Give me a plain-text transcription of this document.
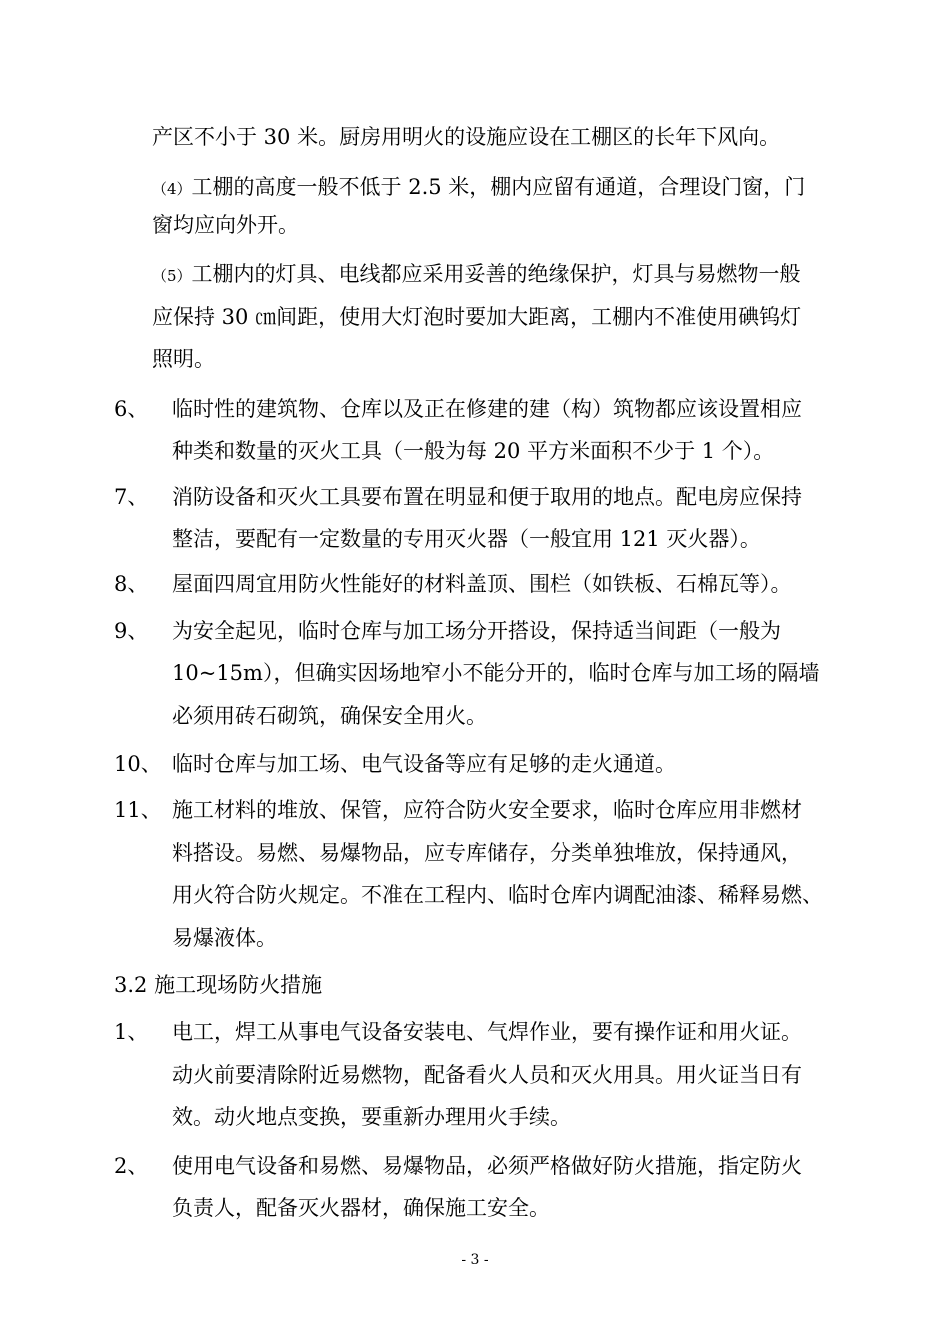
产区不小于 30 米。厨房用明火的设施应设在工棚区的长年下风向。
（4）工棚的高度一般不低于 2.5 米，棚内应留有通道，合理设门窗，门
窗均应向外开。
（5）工棚内的灯具、电线都应采用妥善的绝缘保护，灯具与易燃物一般
应保持 30 ㎝间距，使用大灯泡时要加大距离，工棚内不准使用碘钨灯
照明。
6、 临时性的建筑物、仓库以及正在修建的建（构）筑物都应该设置相应
种类和数量的灭火工具（一般为每 20 平方米面积不少于 1 个）。
7、 消防设备和灭火工具要布置在明显和便于取用的地点。配电房应保持
整洁，要配有一定数量的专用灭火器（一般宜用 121 灭火器）。
8、 屋面四周宜用防火性能好的材料盖顶、围栏（如铁板、石棉瓦等）。
9、 为安全起见，临时仓库与加工场分开搭设，保持适当间距（一般为
10~15m），但确实因场地窄小不能分开的，临时仓库与加工场的隔墙
必须用砖石砌筑，确保安全用火。
10、 临时仓库与加工场、电气设备等应有足够的走火通道。
11、 施工材料的堆放、保管，应符合防火安全要求，临时仓库应用非燃材
料搭设。易燃、易爆物品，应专库储存，分类单独堆放，保持通风，
用火符合防火规定。不准在工程内、临时仓库内调配油漆、稀释易燃、
易爆液体。
3.2 施工现场防火措施
1、 电工，焊工从事电气设备安装电、气焊作业，要有操作证和用火证。
动火前要清除附近易燃物，配备看火人员和灭火用具。用火证当日有
效。动火地点变换，要重新办理用火手续。
2、 使用电气设备和易燃、易爆物品，必须严格做好防火措施，指定防火
负责人，配备灭火器材，确保施工安全。
- 3 -
